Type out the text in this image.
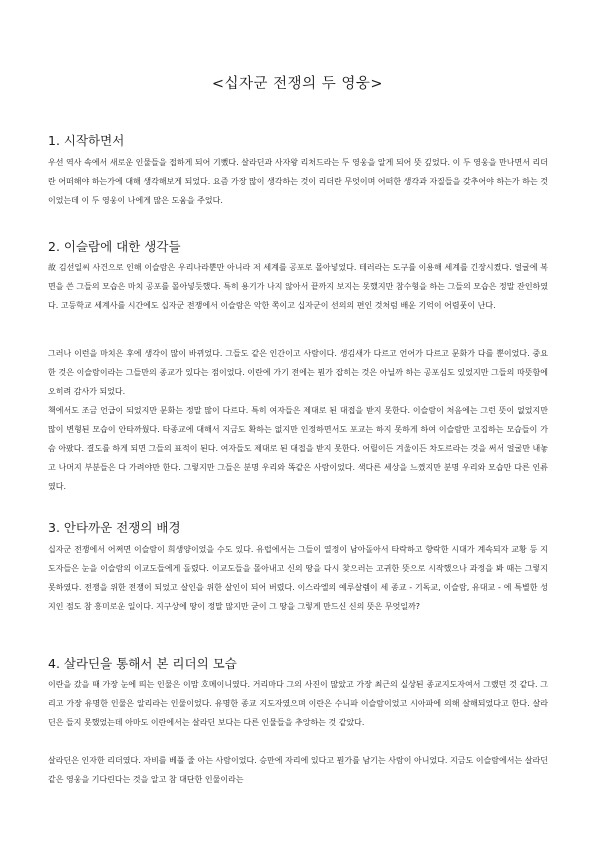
<십자군 전쟁의 두 영웅>
1. 시작하면서

우선 역사 속에서 새로운 인물들을 접하게 되어 기뻤다. 살라딘과 사자왕 리처드라는 두 영웅을 알게 되어 뜻 깊었다. 이 두 영웅을 만나면서 리더란 어떠해야 하는가에 대해 생각해보게 되었다. 요즘 가장 많이 생각하는 것이 리더란 무엇이며 어떠한 생각과 자질들을 갖추어야 하는가 하는 것이었는데 이 두 영웅이 나에게 많은 도움을 주었다.

2. 이슬람에 대한 생각들

故 김선일씨 사건으로 인해 이슬람은 우리나라뿐만 아니라 저 세계를 공포로 몰아넣었다. 테러라는 도구를 이용해 세계를 긴장시켰다. 얼굴에 복면을 쓴 그들의 모습은 마치 공포를 몰아넣듯했다. 특히 용기가 나지 않아서 끝까지 보지는 못했지만 참수형을 하는 그들의 모습은 정말 잔인하였다. 고등학교 세계사를 시간에도 십자군 전쟁에서 이슬람은 악한 쪽이고 십자군이 선의의 편인 것처럼 배운 기억이 어렴풋이 난다.

그러나 이런을 마치은 후에 생각이 많이 바뀌었다. 그들도 같은 인간이고 사람이다. 생김새가 다르고 언어가 다르고 문화가 다를 뿐이었다. 중요한 것은 이슬람이라는 그들만의 종교가 있다는 점이었다. 이란에 가기 전에는 뭔가 잡히는 것은 아닐까 하는 공포심도 있었지만 그들의 따뜻함에 오히려 감사가 되었다.

책에서도 조금 언급이 되었지만 문화는 정말 많이 다르다. 특히 여자들은 제대로 된 대접을 받지 못한다. 이슬람이 처음에는 그런 뜻이 없었지만 많이 변형된 모습이 안타까웠다. 타종교에 대해서 지금도 확하는 없지만 인정하면서도 포교는 하지 못하게 하여 이슬람만 고집하는 모습들이 가슴 아팠다. 결도를 하게 되면 그들의 표적이 된다. 여자들도 제대로 된 대접을 받지 못한다. 어릴이든 겨울이든 차도르라는 것을 써서 얼굴만 내놓고 나머지 부분들은 다 가려야만 한다. 그렇지만 그들은 분명 우리와 똑같은 사람이었다. 색다른 세상을 느꼈지만 분명 우리와 모습만 다른 인류였다.

3. 안타까운 전쟁의 배경

십자군 전쟁에서 어쩌면 이슬람이 희생양이었을 수도 있다. 유럽에서는 그들이 열정이 남아돌아서 타락하고 향락한 시대가 계속되자 교황 등 지도자들은 눈을 이슬람의 이교도들에게 돌렸다. 이교도들을 몰아내고 신의 땅을 다시 찾으러는 고귀한 뜻으로 시작했으나 과정을 봐 때는 그렇지 못하였다. 전쟁을 위한 전쟁이 되었고 살인을 위한 살인이 되어 버렸다. 이스라엘의 예루살렘이 세 종교 - 기독교, 이슬람, 유대교 - 에 특별한 성지인 점도 참 흥미로운 일이다. 지구상에 땅이 정말 많지만 굳이 그 땅을 그렇게 만드신 신의 뜻은 무엇일까?

4. 살라딘을 통해서 본 리더의 모습

이란을 갔을 때 가장 눈에 띄는 인물은 이맘 호메이니였다. 거리마다 그의 사진이 많았고 가장 최근의 실상된 종교지도자여서 그랬던 것 같다. 그리고 가장 유명한 인물은 알리라는 인물이었다. 유명한 종교 지도자였으며 이란은 수니파 이슬람이었고 시아파에 의해 살해되었다고 한다. 살라딘은 들지 못했었는데 아마도 이란에서는 살라딘 보다는 다른 인물들을 추앙하는 것 같았다.

살라딘은 인자한 리더였다. 자비를 베풀 줄 아는 사람이었다. 승만에 자리에 있다고 뭔가를 남기는 사람이 아니었다. 지금도 이슬람에서는 살라딘 같은 영웅을 기다린다는 것을 알고 참 대단한 인물이라는
